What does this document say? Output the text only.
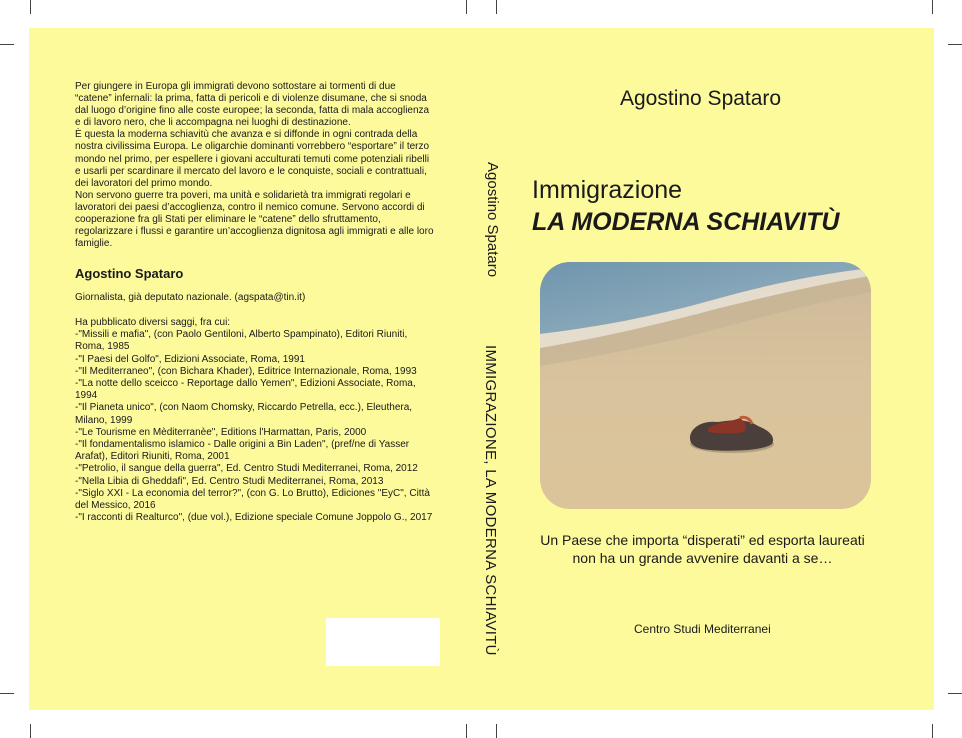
Per giungere in Europa gli immigrati devono sottostare ai tormenti di due “catene” infernali: la prima, fatta di pericoli e di violenze disumane, che si snoda dal luogo d’origine fino alle coste europee; la seconda, fatta di mala accoglienza e di lavoro nero, che li accompagna nei luoghi di destinazione.

È questa la moderna schiavitù che avanza e si diffonde in ogni contrada della nostra civilissima Europa. Le oligarchie dominanti vorrebbero “esportare” il terzo mondo nel primo, per espellere i giovani acculturati temuti come potenziali ribelli e usarli per scardinare il mercato del lavoro e le conquiste, sociali e contrattuali, dei lavoratori del primo mondo.

Non servono guerre tra poveri, ma unità e solidarietà tra immigrati regolari e lavoratori dei paesi d’accoglienza, contro il nemico comune. Servono accordi di cooperazione fra gli Stati per eliminare le “catene” dello sfruttamento, regolarizzare i flussi e garantire un’accoglienza dignitosa agli immigrati e alle loro famiglie.

Agostino Spataro
Giornalista, già deputato nazionale. (agspata@tin.it)
Ha pubblicato diversi saggi, fra cui:
-"Missili e mafia", (con Paolo Gentiloni, Alberto Spampinato), Editori Riuniti, Roma, 1985
-"I Paesi del Golfo", Edizioni Associate, Roma, 1991
-"Il Mediterraneo", (con Bichara Khader), Editrice Internazionale, Roma, 1993
-"La notte dello sceicco - Reportage dallo Yemen", Edizioni Associate, Roma, 1994
-"Il Pianeta unico", (con Naom Chomsky, Riccardo Petrella, ecc.), Eleuthera, Milano, 1999
-"Le Tourisme en Mèditerranèe", Editions l'Harmattan, Paris, 2000
-"Il fondamentalismo islamico - Dalle origini a Bin Laden", (pref/ne di Yasser Arafat), Editori Riuniti, Roma, 2001
-"Petrolio, il sangue della guerra", Ed. Centro Studi Mediterranei, Roma, 2012
-"Nella Libia di Gheddafi", Ed. Centro Studi Mediterranei, Roma, 2013
-"Siglo XXI - La economia del terror?", (con G. Lo Brutto), Ediciones "EyC", Città del Messico, 2016
-"I racconti di Realturco", (due vol.), Edizione speciale Comune Joppolo G., 2017
Agostino Spataro
IMMIGRAZIONE, LA MODERNA SCHIAVITÙ
Agostino Spataro
Immigrazione
LA MODERNA SCHIAVITÙ
Un Paese che importa “disperati” ed esporta laureati
non ha un grande avvenire davanti a se…
Centro Studi Mediterranei
